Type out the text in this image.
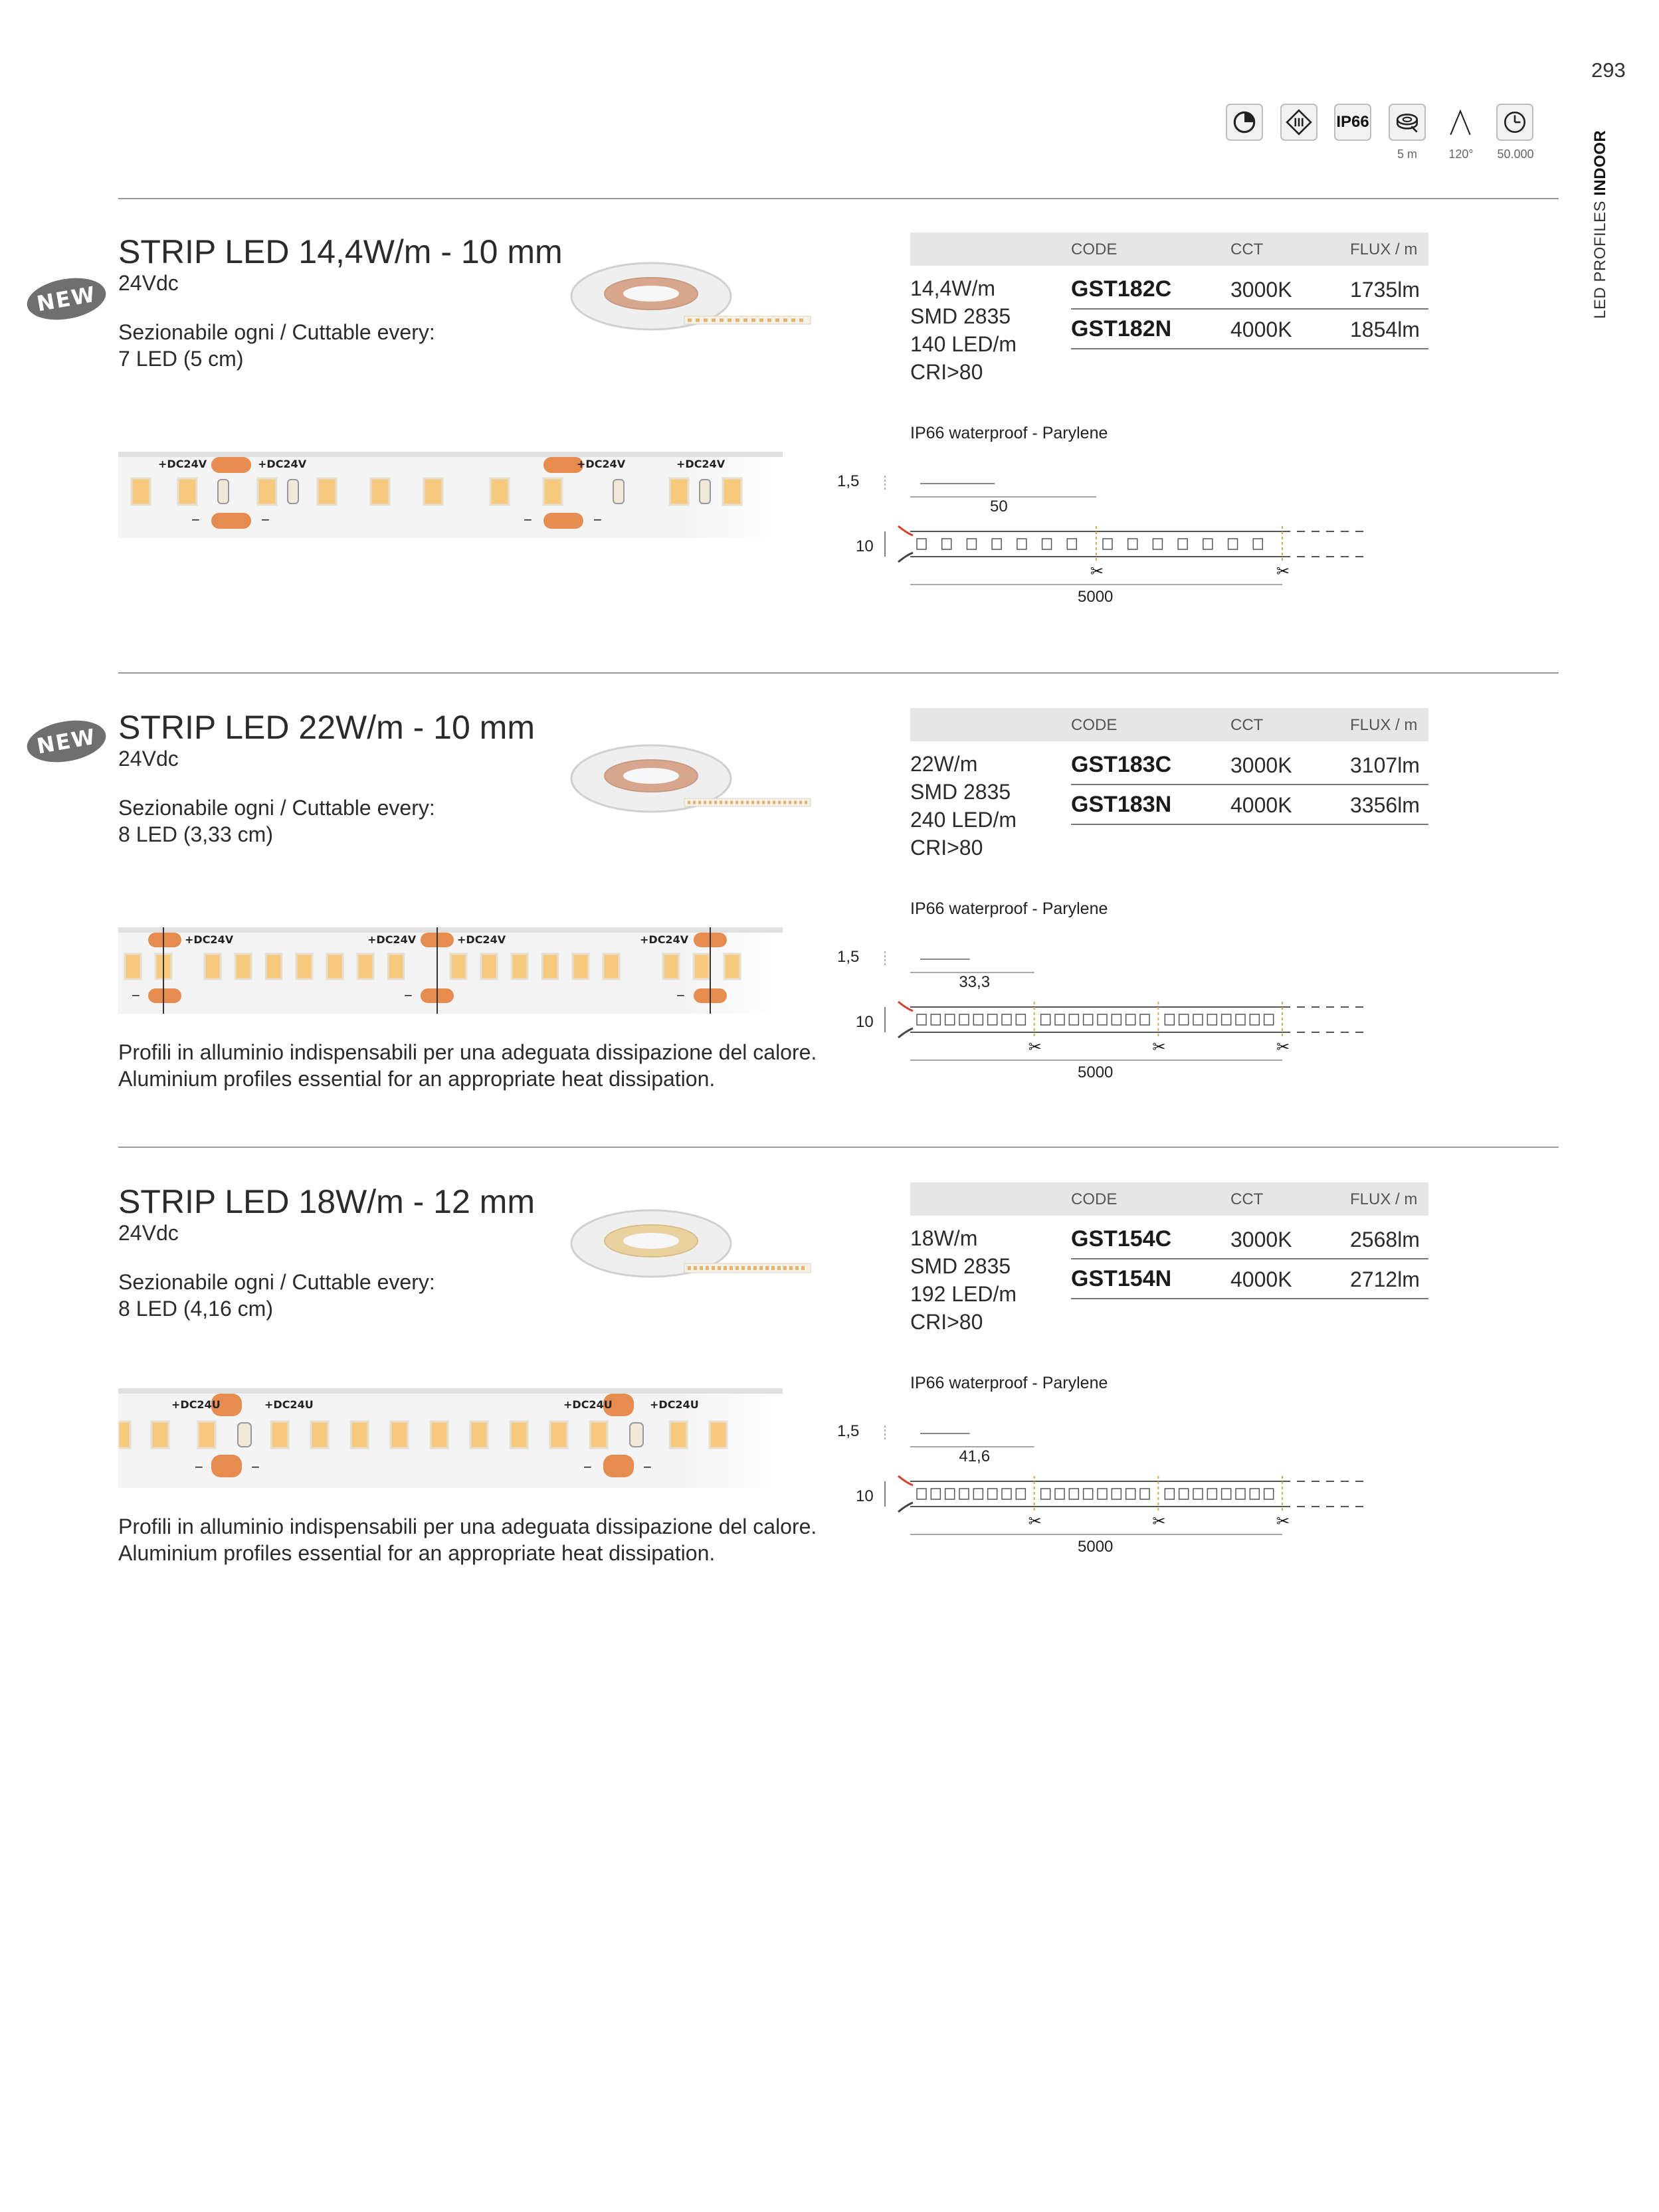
293
IP66
5 m	120°	50.000
LED PROFILES INDOOR
NEW
STRIP LED 14,4W/m - 10 mm
24Vdc
Sezionabile ogni / Cuttable every:
7 LED (5 cm)
+DC24V	+DC24V	+DC24V	+DC24V
−	−	−	−
CODE	CCT	FLUX / m
14,4W/m
SMD 2835
140 LED/m
CRI>80
GST182C	3000K	1735lm
GST182N	4000K	1854lm
IP66 waterproof - Parylene
1,5
50
10
✂	✂
5000
NEW STRIP LED 22W/m - 10 mm
24Vdc
Sezionabile ogni / Cuttable every:
8 LED (3,33 cm)
+DC24V	+DC24V	+DC24V	+DC24V
−	−	−
Profili in alluminio indispensabili per una adeguata dissipazione del calore.
Aluminium profiles essential for an appropriate heat dissipation.
CODE	CCT	FLUX / m
22W/m
SMD 2835
240 LED/m
CRI>80
GST183C	3000K	3107lm
GST183N	4000K	3356lm
IP66 waterproof - Parylene
1,5
33,3
10
✂	✂	✂
5000
STRIP LED 18W/m - 12 mm
24Vdc
Sezionabile ogni / Cuttable every:
8 LED (4,16 cm)
+DC24U	+DC24U	+DC24U	+DC24U
−	−	−	−
Profili in alluminio indispensabili per una adeguata dissipazione del calore.
Aluminium profiles essential for an appropriate heat dissipation.
CODE	CCT	FLUX / m
18W/m
SMD 2835
192 LED/m
CRI>80
GST154C	3000K	2568lm
GST154N	4000K	2712lm
IP66 waterproof - Parylene
1,5
41,6
10
✂	✂	✂
5000
